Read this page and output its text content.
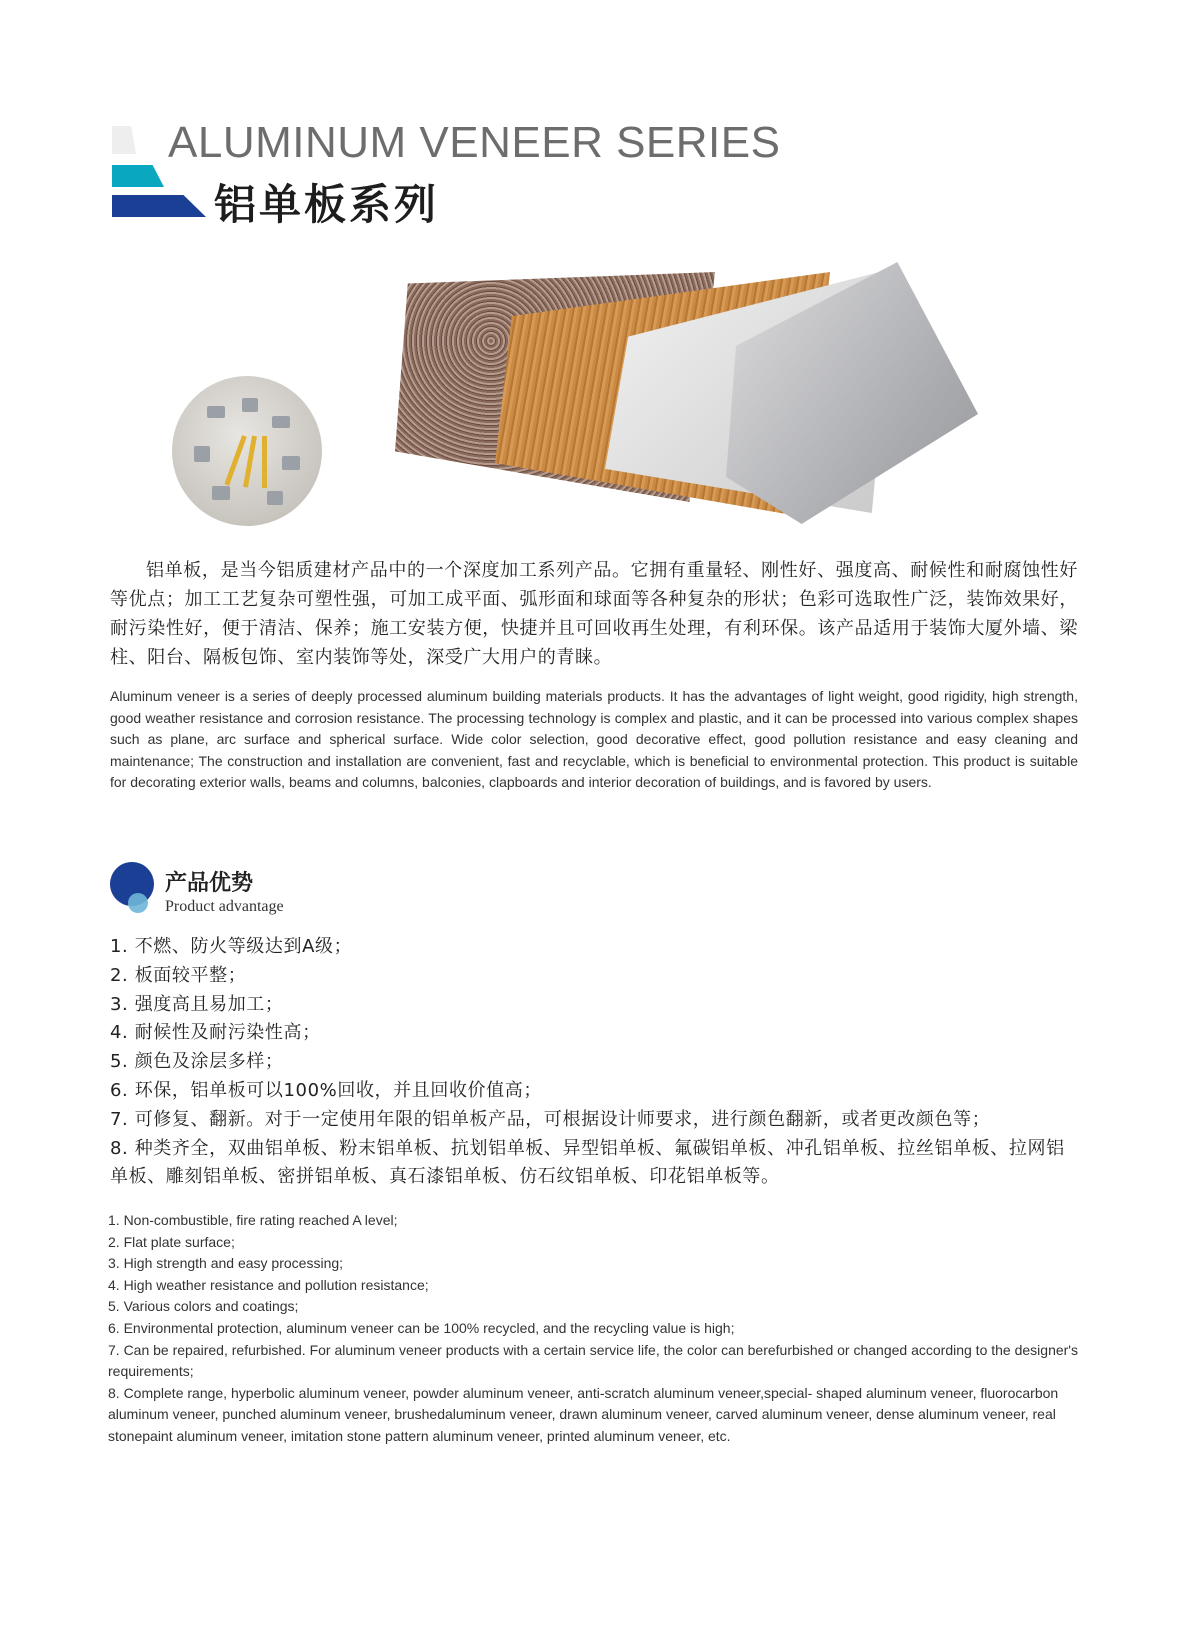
ALUMINUM VENEER SERIES
铝单板系列

铝单板，是当今铝质建材产品中的一个深度加工系列产品。它拥有重量轻、刚性好、强度高、耐候性和耐腐蚀性好等优点；加工工艺复杂可塑性强，可加工成平面、弧形面和球面等各种复杂的形状；色彩可选取性广泛，装饰效果好，耐污染性好，便于清洁、保养；施工安装方便，快捷并且可回收再生处理，有利环保。该产品适用于装饰大厦外墙、梁柱、阳台、隔板包饰、室内装饰等处，深受广大用户的青睐。

Aluminum veneer is a series of deeply processed aluminum building materials products. It has the advantages of light weight, good rigidity, high strength, good weather resistance and corrosion resistance. The processing technology is complex and plastic, and it can be processed into various complex shapes such as plane, arc surface and spherical surface. Wide color selection, good decorative effect, good pollution resistance and easy cleaning and maintenance; The construction and installation are convenient, fast and recyclable, which is beneficial to environmental protection. This product is suitable for decorating exterior walls, beams and columns, balconies, clapboards and interior decoration of buildings, and is favored by users.

产品优势
Product advantage
1. 不燃、防火等级达到A级；
2. 板面较平整；
3. 强度高且易加工；
4. 耐候性及耐污染性高；
5. 颜色及涂层多样；
6. 环保，铝单板可以100%回收，并且回收价值高；
7. 可修复、翻新。对于一定使用年限的铝单板产品，可根据设计师要求，进行颜色翻新，或者更改颜色等；
8. 种类齐全，双曲铝单板、粉末铝单板、抗划铝单板、异型铝单板、氟碳铝单板、冲孔铝单板、拉丝铝单板、拉网铝单板、雕刻铝单板、密拼铝单板、真石漆铝单板、仿石纹铝单板、印花铝单板等。
1. Non-combustible, fire rating reached A level;
2. Flat plate surface;
3. High strength and easy processing;
4. High weather resistance and pollution resistance;
5. Various colors and coatings;
6. Environmental protection, aluminum veneer can be 100% recycled, and the recycling value is high;
7. Can be repaired, refurbished. For aluminum veneer products with a certain service life, the color can berefurbished or changed according to the designer's requirements;
8. Complete range, hyperbolic aluminum veneer, powder aluminum veneer, anti-scratch aluminum veneer,special- shaped aluminum veneer, fluorocarbon aluminum veneer, punched aluminum veneer, brushedaluminum veneer, drawn aluminum veneer, carved aluminum veneer, dense aluminum veneer, real stonepaint aluminum veneer, imitation stone pattern aluminum veneer, printed aluminum veneer, etc.
